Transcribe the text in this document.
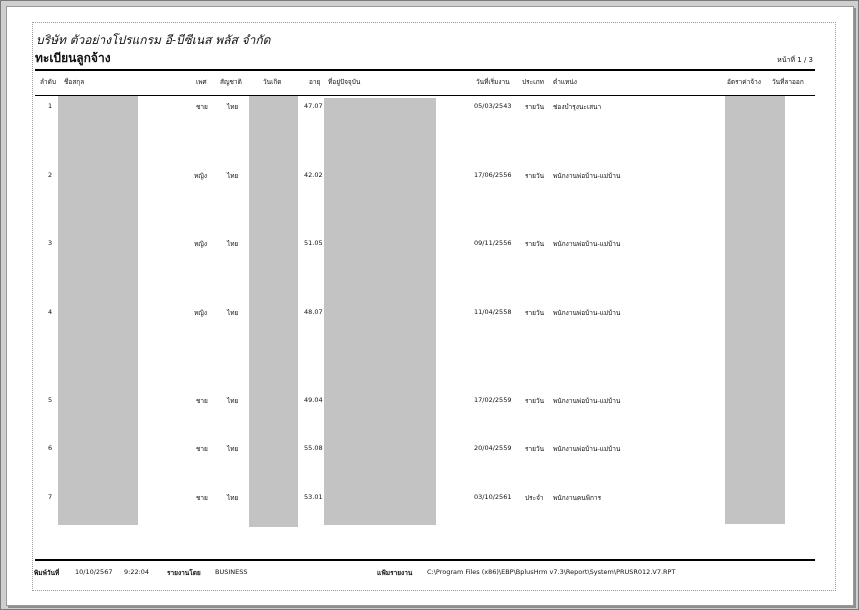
บริษัท ตัวอย่างโปรแกรม อี-บีซีเนส พลัส จำกัด
ทะเบียนลูกจ้าง	หน้าที่ 1 / 3
ลำดับ ชื่อสกุล	เพศ สัญชาติ	วันเกิด	อายุ ที่อยู่ปัจจุบัน	วันที่เริ่มงาน ประเภท ตำแหน่ง	อัตราค่าจ้าง วันที่ลาออก
1	ชาย	ไทย	47.07	05/03/2543 รายวัน ช่องบำรุงนะเสนา
2	หญิง	ไทย	42.02	17/06/2556 รายวัน พนักงานพ่อบ้าน-แม่บ้าน
3	หญิง	ไทย	51.05	09/11/2556 รายวัน พนักงานพ่อบ้าน-แม่บ้าน
4	หญิง	ไทย	48.07	11/04/2558 รายวัน พนักงานพ่อบ้าน-แม่บ้าน
5	ชาย	ไทย	49.04	17/02/2559 รายวัน พนักงานพ่อบ้าน-แม่บ้าน
6	ชาย	ไทย	55.08	20/04/2559 รายวัน พนักงานพ่อบ้าน-แม่บ้าน
7	ชาย	ไทย	53.01	03/10/2561 ประจำ พนักงานคนพิการ
พิมพ์วันที่ 10/10/2567 9:22:04	รายงานโดย BUSINESS	แฟ้มรายงาน C:\Program Files (x86)\EBP\BplusHrm v7.3\Report\System\PRUSR012.V7.RPT
